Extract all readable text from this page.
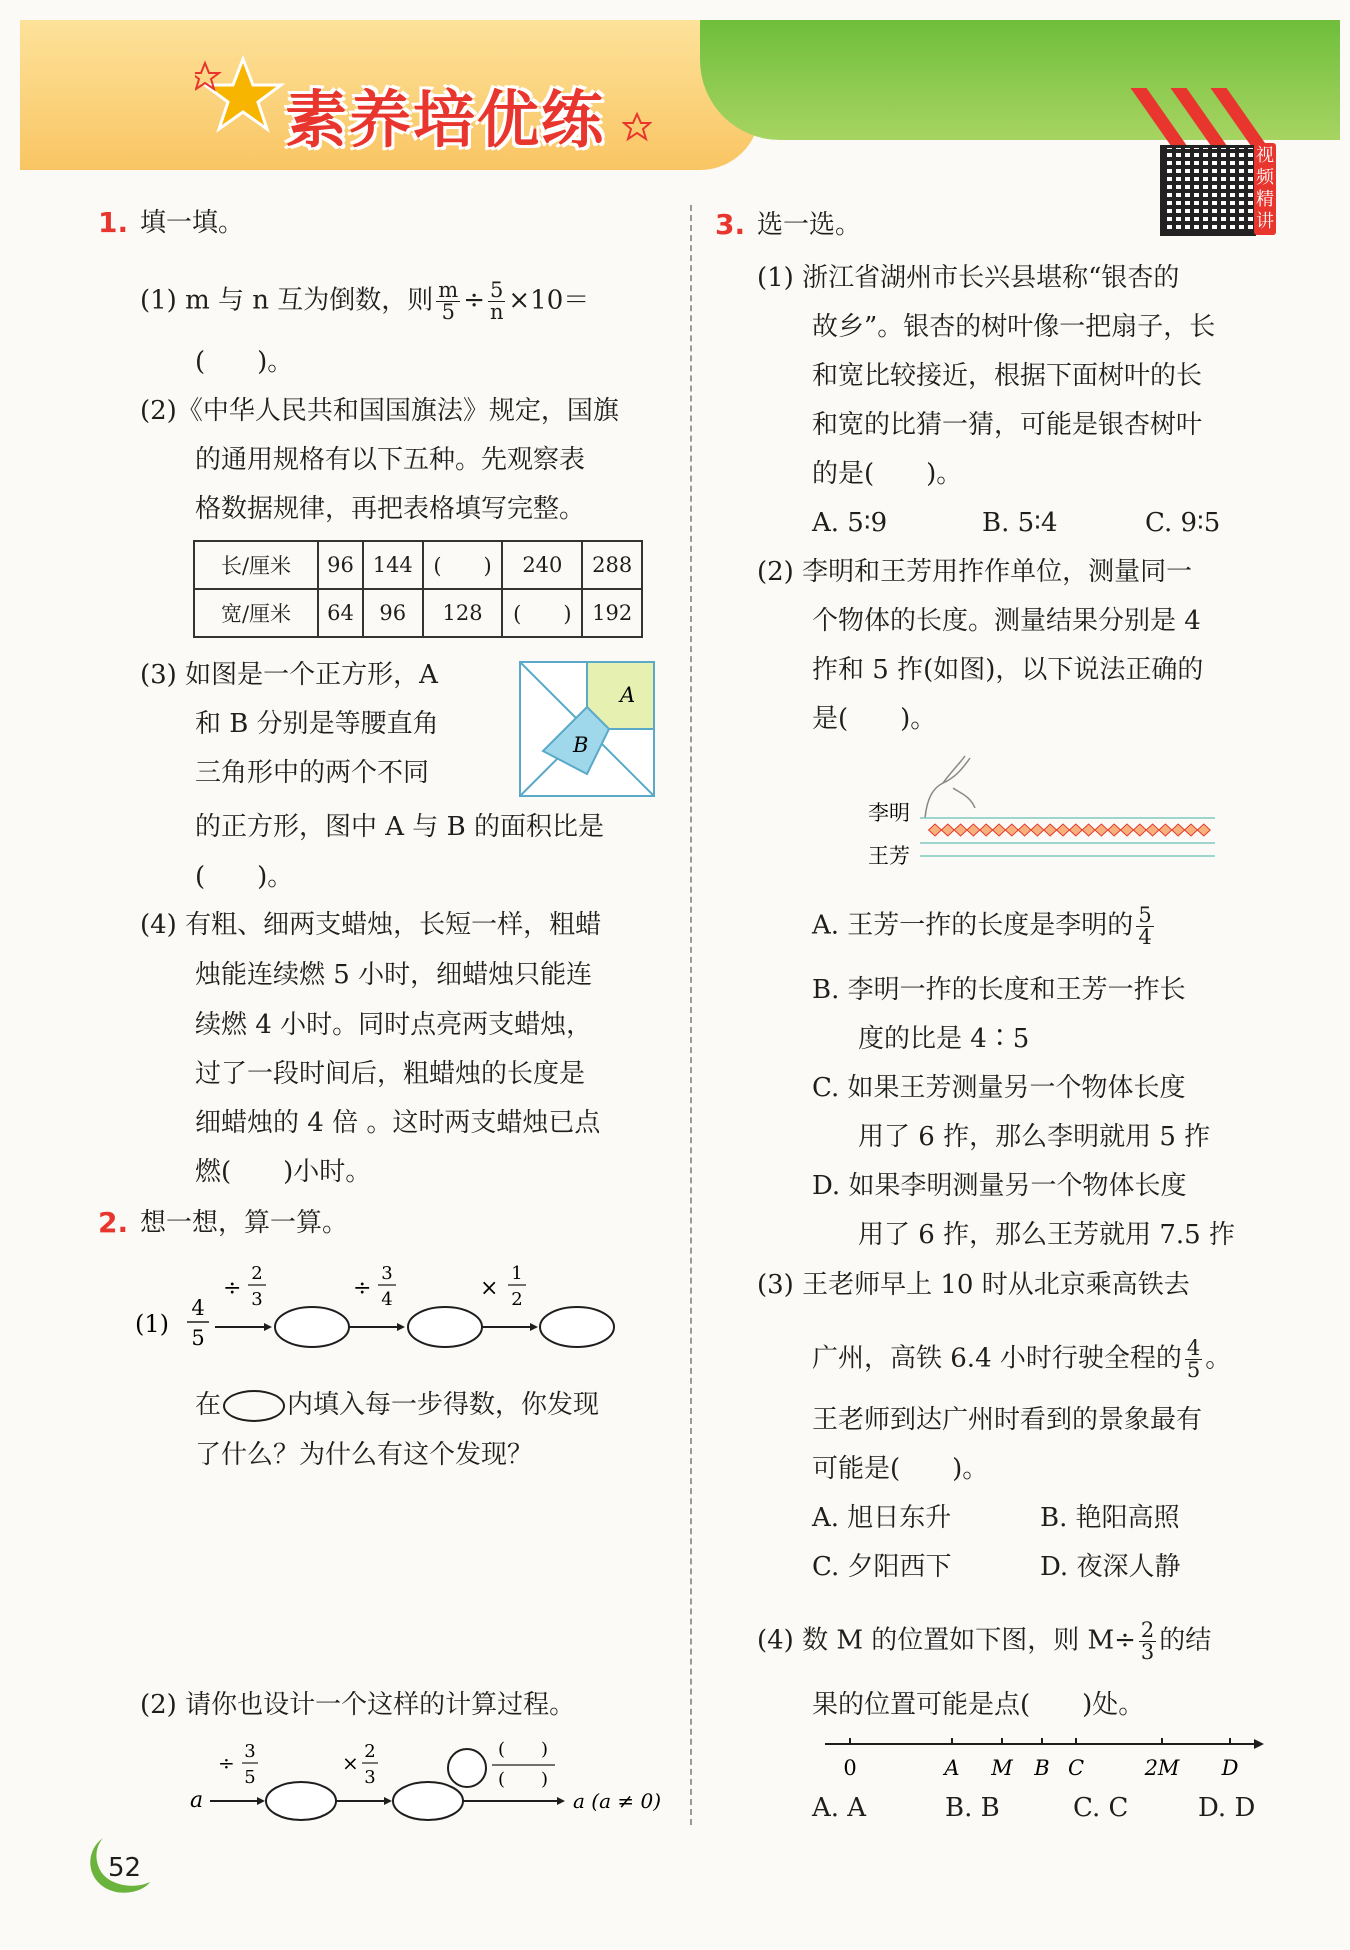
素养培优练	视
频
精
讲
1. 填一填。
(1) m 与 n 互为倒数，则 $\frac{m}{5} \div \frac{5}{n} \times 10=$
(　　)。
(2)《中华人民共和国国旗法》规定，国旗
的通用规格有以下五种。先观察表
格数据规律，再把表格填写完整。
长/厘米	96	144	(　　)	240	288
宽/厘米	64	96	128	(　　)	192
(3) 如图是一个正方形，A
和 B 分别是等腰直角
三角形中的两个不同
的正方形，图中 A 与 B 的面积比是
(　　)。
A
B
(4) 有粗、细两支蜡烛，长短一样，粗蜡
烛能连续燃 5 小时，细蜡烛只能连
续燃 4 小时。同时点亮两支蜡烛，
过了一段时间后，粗蜡烛的长度是
细蜡烛的 4 倍 。这时两支蜡烛已点
燃(　　)小时。
2. 想一想，算一算。
(1)
4
5
÷
2
3	÷
3
4	×
1
2
在	内填入每一步得数，你发现
了什么？为什么有这个发现？
(2) 请你也设计一个这样的计算过程。
a
÷ 3
5
× 2
3
(　　)
(　　)
a (a ≠ 0)
3. 选一选。
(1) 浙江省湖州市长兴县堪称“银杏的
故乡”。银杏的树叶像一把扇子，长
和宽比较接近，根据下面树叶的长
和宽的比猜一猜，可能是银杏树叶
的是(　　)。
A. 5∶9	B. 5∶4	C. 9∶5
(2) 李明和王芳用拃作单位，测量同一
个物体的长度。测量结果分别是 4
拃和 5 拃(如图)，以下说法正确的
是(　　)。
李明
王芳
A. 王芳一拃的长度是李明的 $\frac{5}{4}$
B. 李明一拃的长度和王芳一拃长
度的比是 4∶5
C. 如果王芳测量另一个物体长度
用了 6 拃，那么李明就用 5 拃
D. 如果李明测量另一个物体长度
用了 6 拃，那么王芳就用 7.5 拃
(3) 王老师早上 10 时从北京乘高铁去
广州，高铁 6.4 小时行驶全程的 $\frac{4}{5}$ 。
王老师到达广州时看到的景象最有
可能是(　　)。
A. 旭日东升	B. 艳阳高照
C. 夕阳西下	D. 夜深人静
(4) 数 M 的位置如下图，则 $M\div \frac{2}{3}$ 的结
果的位置可能是点(　　)处。
0	A M B C	2M D
A. A	B. B	C. C	D. D
52
